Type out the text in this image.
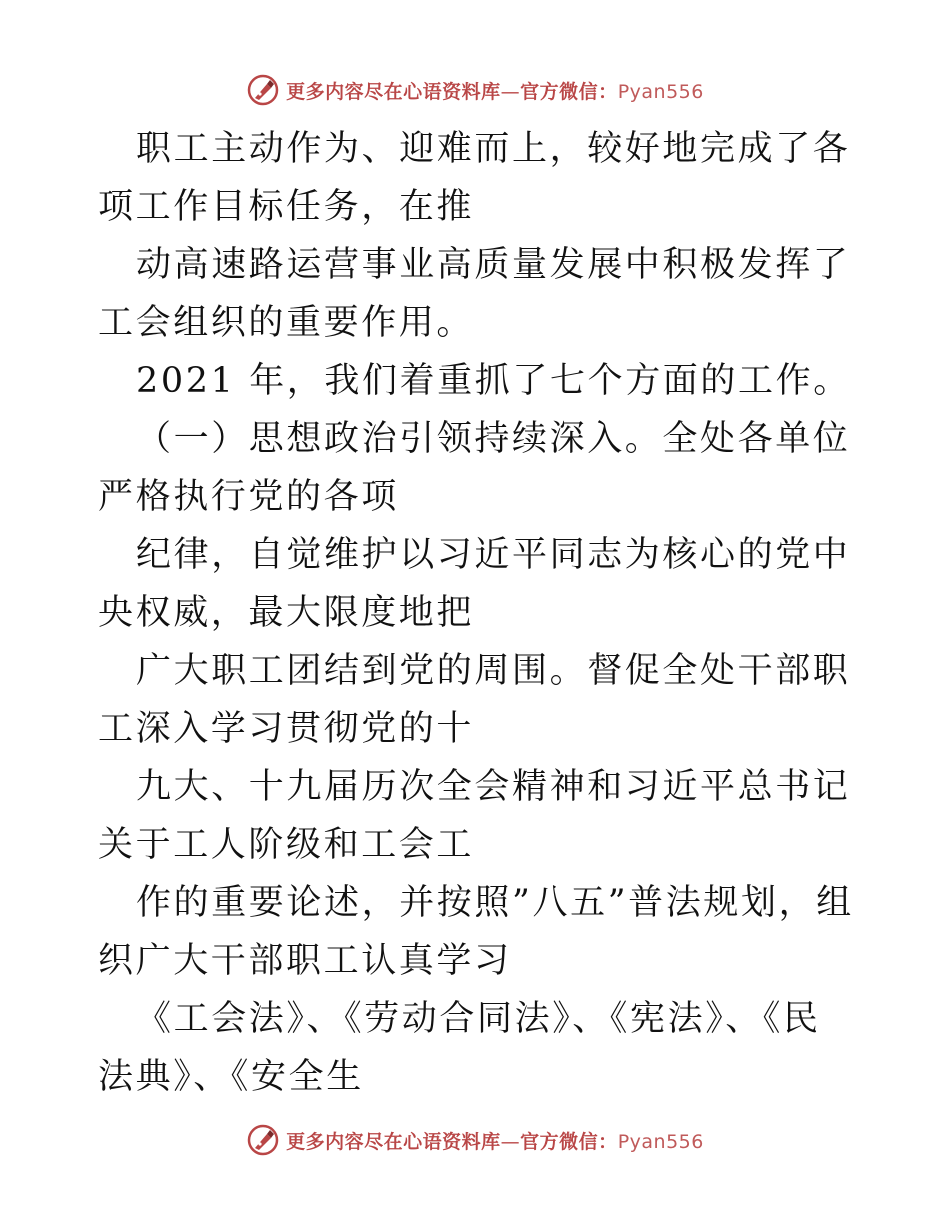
更多内容尽在心语资料库—官方微信：Pyan556

职工主动作为、迎难而上，较好地完成了各项工作目标任务，在推

动高速路运营事业高质量发展中积极发挥了工会组织的重要作用。

2021 年，我们着重抓了七个方面的工作。

（一）思想政治引领持续深入。全处各单位严格执行党的各项

纪律，自觉维护以习近平同志为核心的党中央权威，最大限度地把

广大职工团结到党的周围。督促全处干部职工深入学习贯彻党的十

九大、十九届历次全会精神和习近平总书记关于工人阶级和工会工

作的重要论述，并按照”八五”普法规划，组织广大干部职工认真学习

《工会法》、《劳动合同法》、《宪法》、《民法典》、《安全生

更多内容尽在心语资料库—官方微信：Pyan556
